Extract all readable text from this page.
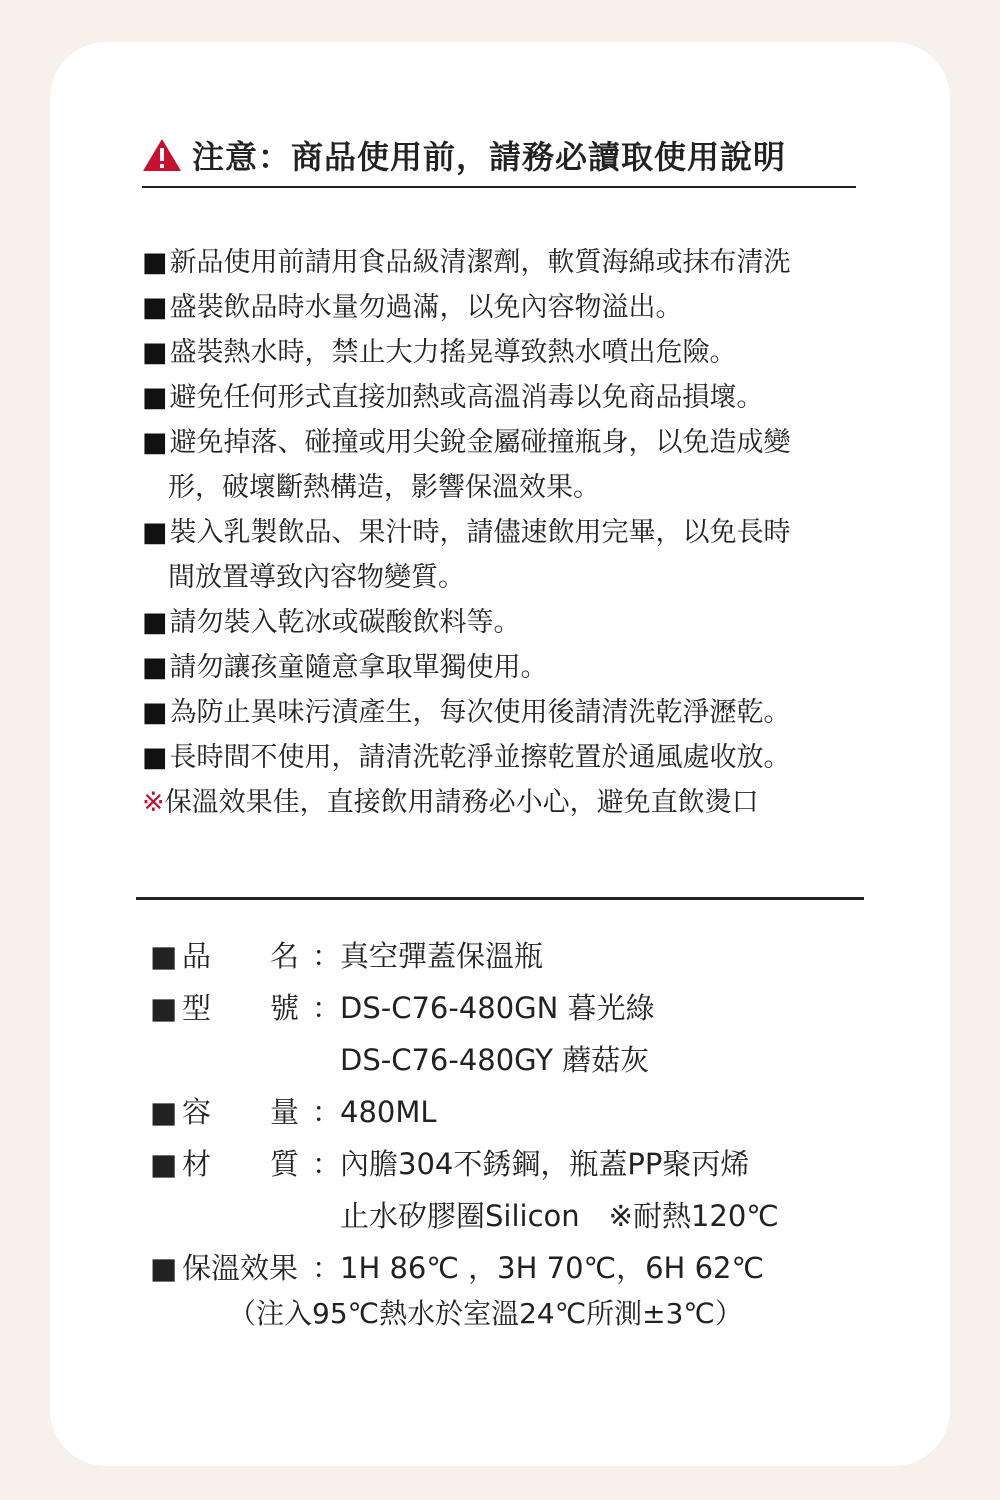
注意：商品使用前，請務必讀取使用說明
■新品使用前請用食品級清潔劑，軟質海綿或抹布清洗
■盛裝飲品時水量勿過滿，以免內容物溢出。
■盛裝熱水時，禁止大力搖晃導致熱水噴出危險。
■避免任何形式直接加熱或高溫消毒以免商品損壞。
■避免掉落、碰撞或用尖銳金屬碰撞瓶身，以免造成變
形，破壞斷熱構造，影響保溫效果。
■裝入乳製飲品、果汁時，請儘速飲用完畢，以免長時
間放置導致內容物變質。
■請勿裝入乾冰或碳酸飲料等。
■請勿讓孩童隨意拿取單獨使用。
■為防止異味污漬產生，每次使用後請清洗乾淨瀝乾。
■長時間不使用，請清洗乾淨並擦乾置於通風處收放。
※保溫效果佳，直接飲用請務必小心，避免直飲燙口
■ 品 名 ：
真空彈蓋保溫瓶
■ 型 號 ：
DS-C76-480GN 暮光綠
DS-C76-480GY 蘑菇灰
■ 容 量 ：
480ML
■ 材 質 ：
內膽304不銹鋼，瓶蓋PP聚丙烯
止水矽膠圈Silicon　※耐熱120℃
■ 保溫效果 ：
1H 86℃ ，3H 70℃，6H 62℃
（注入95℃熱水於室溫24℃所測±3℃）
